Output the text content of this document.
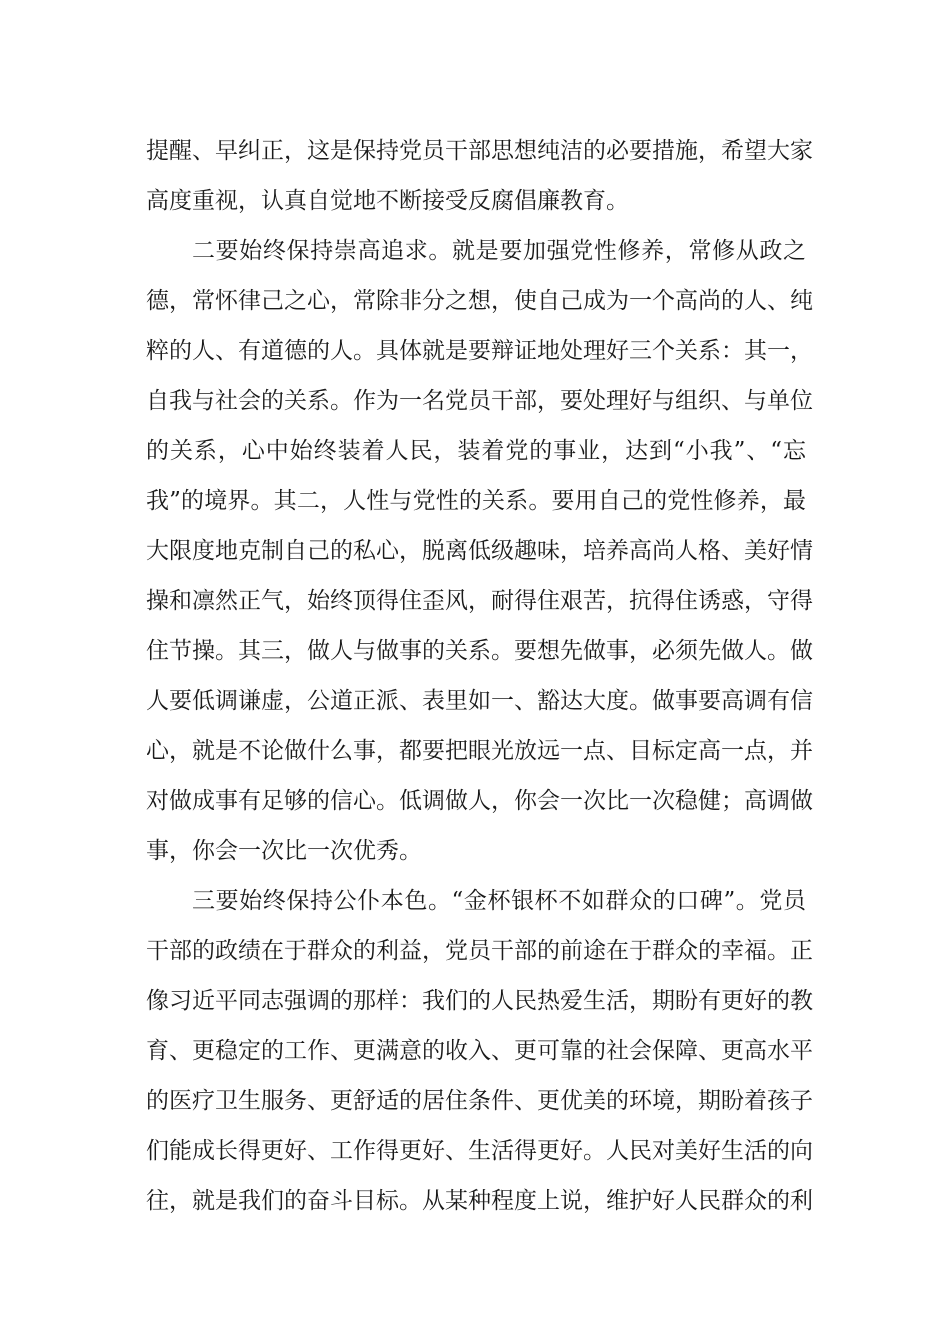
提醒、早纠正，这是保持党员干部思想纯洁的必要措施，希望大家
高度重视，认真自觉地不断接受反腐倡廉教育。
二要始终保持崇高追求。就是要加强党性修养，常修从政之
德，常怀律己之心，常除非分之想，使自己成为一个高尚的人、纯
粹的人、有道德的人。具体就是要辩证地处理好三个关系：其一，
自我与社会的关系。作为一名党员干部，要处理好与组织、与单位
的关系，心中始终装着人民，装着党的事业，达到“小我”、“忘
我”的境界。其二，人性与党性的关系。要用自己的党性修养，最
大限度地克制自己的私心，脱离低级趣味，培养高尚人格、美好情
操和凛然正气，始终顶得住歪风，耐得住艰苦，抗得住诱惑，守得
住节操。其三，做人与做事的关系。要想先做事，必须先做人。做
人要低调谦虚，公道正派、表里如一、豁达大度。做事要高调有信
心，就是不论做什么事，都要把眼光放远一点、目标定高一点，并
对做成事有足够的信心。低调做人，你会一次比一次稳健；高调做
事，你会一次比一次优秀。
三要始终保持公仆本色。“金杯银杯不如群众的口碑”。党员
干部的政绩在于群众的利益，党员干部的前途在于群众的幸福。正
像习近平同志强调的那样：我们的人民热爱生活，期盼有更好的教
育、更稳定的工作、更满意的收入、更可靠的社会保障、更高水平
的医疗卫生服务、更舒适的居住条件、更优美的环境，期盼着孩子
们能成长得更好、工作得更好、生活得更好。人民对美好生活的向
往，就是我们的奋斗目标。从某种程度上说，维护好人民群众的利
